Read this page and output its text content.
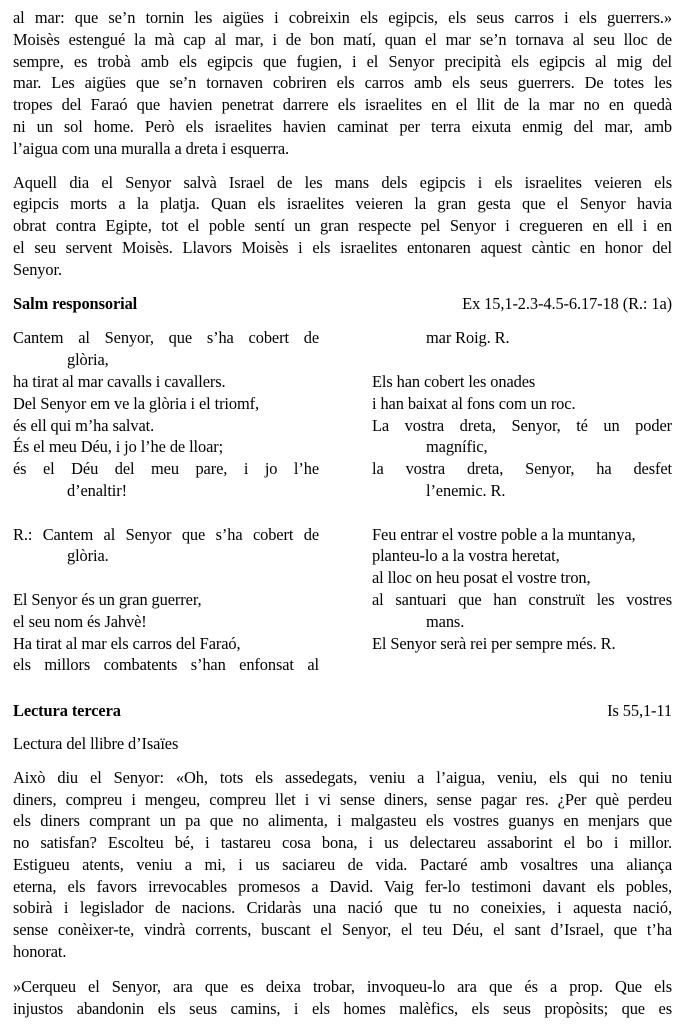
al mar: que se’n tornin les aigües i cobreixin els egipcis, els seus carros i els guerrers.»
Moisès estengué la mà cap al mar, i de bon matí, quan el mar se’n tornava al seu lloc de
sempre, es trobà amb els egipcis que fugien, i el Senyor precipità els egipcis al mig del
mar. Les aigües que se’n tornaven cobriren els carros amb els seus guerrers. De totes les
tropes del Faraó que havien penetrat darrere els israelites en el llit de la mar no en quedà
ni un sol home. Però els israelites havien caminat per terra eixuta enmig del mar, amb
l’aigua com una muralla a dreta i esquerra.
Aquell dia el Senyor salvà Israel de les mans dels egipcis i els israelites veieren els
egipcis morts a la platja. Quan els israelites veieren la gran gesta que el Senyor havia
obrat contra Egipte, tot el poble sentí un gran respecte pel Senyor i cregueren en ell i en
el seu servent Moisès. Llavors Moisès i els israelites entonaren aquest càntic en honor del
Senyor.
Salm responsorial	Ex 15,1-2.3-4.5-6.17-18 (R.: 1a)
Cantem al Senyor, que s’ha cobert de
glòria,
ha tirat al mar cavalls i cavallers.
Del Senyor em ve la glòria i el triomf,
és ell qui m’ha salvat.
És el meu Déu, i jo l’he de lloar;
és el Déu del meu pare, i jo l’he
d’enaltir!
R.: Cantem al Senyor que s’ha cobert de
glòria.
El Senyor és un gran guerrer,
el seu nom és Jahvè!
Ha tirat al mar els carros del Faraó,
els millors combatents s’han enfonsat al
mar Roig. R.
Els han cobert les onades
i han baixat al fons com un roc.
La vostra dreta, Senyor, té un poder
magnífic,
la vostra dreta, Senyor, ha desfet
l’enemic. R.
Feu entrar el vostre poble a la muntanya,
planteu-lo a la vostra heretat,
al lloc on heu posat el vostre tron,
al santuari que han construït les vostres
mans.
El Senyor serà rei per sempre més. R.
Lectura tercera	Is 55,1-11
Lectura del llibre d’Isaïes
Això diu el Senyor: «Oh, tots els assedegats, veniu a l’aigua, veniu, els qui no teniu
diners, compreu i mengeu, compreu llet i vi sense diners, sense pagar res. ¿Per què perdeu
els diners comprant un pa que no alimenta, i malgasteu els vostres guanys en menjars que
no satisfan? Escolteu bé, i tastareu cosa bona, i us delectareu assaborint el bo i millor.
Estigueu atents, veniu a mi, i us saciareu de vida. Pactaré amb vosaltres una aliança
eterna, els favors irrevocables promesos a David. Vaig fer-lo testimoni davant els pobles,
sobirà i legislador de nacions. Cridaràs una nació que tu no coneixies, i aquesta nació,
sense conèixer-te, vindrà corrents, buscant el Senyor, el teu Déu, el sant d’Israel, que t’ha
honorat.
»Cerqueu el Senyor, ara que es deixa trobar, invoqueu-lo ara que és a prop. Que els
injustos abandonin els seus camins, i els homes malèfics, els seus propòsits; que es
